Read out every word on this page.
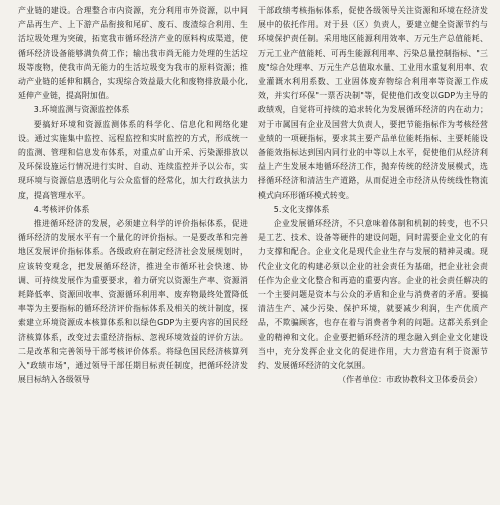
产业链的建设。合理整合市内资源，充分利用市外资源，以中间产品再生产、上下游产品衔接和尾矿、废石、废渣综合利用、生活垃圾处理为突破，拓宽我市循环经济产业的原料构成渠道，使循环经济设备能够满负荷工作；输出我市尚无能力处理的生活垃圾等废物，使我市尚无能力的生活垃圾变为我市的原料资源；推动产业链的延伸和耦合，实现综合效益最大化和废物排放最小化,延伸产业链，提高附加值。

3.环境监测与资源监控体系

要搞好环境和资源监测体系的科学化、信息化和网络化建设。通过实施集中监控、远程监控和实时监控的方式，形成统一的监测、管理和信息发布体系，对重点矿山开采、污染源排放以及环保设施运行情况进行实时、自动、连续监控并予以公布，实现环境与资源信息透明化与公众监督的经常化，加大行政执法力度，提高管理水平。

4.考核评价体系

推进循环经济的发展，必须建立科学的评价指标体系，促进循环经济的发展水平有一个量化的评价指标。一是要改革和完善地区发展评价指标体系。各级政府在制定经济社会发展规划时，应该转变观念，把发展循环经济，推进全市循环社会快速、协调、可持续发展作为重要要求，着力研究以资源生产率、资源消耗降低率、资源回收率、资源循环利用率、废弃物最终处置降低率等为主要指标的循环经济评价指标体系及相关的统计制度，探索建立环境资源成本核算体系和以绿色GDP为主要内容的国民经济核算体系，改变过去重经济指标、忽视环境效益的评价方法。二是改革和完善领导干部考核评价体系。将绿色国民经济核算列入"政绩市场"，通过领导干部任期目标责任制度，把循环经济发展目标纳入各级领导

干部政绩考核指标体系，促使各级领导关注资源和环境在经济发展中的依托作用。对于县（区）负责人，要建立健全资源节约与环境保护责任制。采用地区能源利用效率、万元生产总值能耗、万元工业产值能耗、可再生能源利用率、污染总量控制指标、"三废"综合处理率、万元生产总值取水量、工业用水重复利用率、农业灌溉水利用系数、工业固体废弃物综合利用率等资源工作成效，并实行环保"一票否决制"等，促使他们改变以GDP为主导的政绩观，自觉将可持续的追求转化为发展循环经济的内在动力；对于市属国有企业及国营大负责人，要把节能指标作为考核经营业绩的一项硬指标，要求其主要产品单位能耗指标、主要耗能设备能效指标达到国内同行业的中等以上水平，促使他们从经济利益上产生发展本地循环经济工作，抛弃传统的经济发展模式，选择循环经济和清洁生产道路，从而促进全市经济从传统线性物流模式向环形循环模式转变。

5.文化支撑体系

企业发展循环经济，不只意味着体制和机制的转变，也不只是工艺、技术、设备等硬件的建设问题，同时需要企业文化的有力支撑和配合。企业文化是现代企业生存与发展的精神灵魂。现代企业文化的构建必须以企业的社会责任为基础，把企业社会责任作为企业文化整合和再造的重要内容。企业的社会责任解决的一个主要问题是资本与公众的矛盾和企业与消费者的矛盾。要搞清洁生产、减少污染、保护环境，就要减少利润，生产优质产品，不欺骗顾客，也存在着与消费者争利的问题。这都关系到企业的精神和文化。企业要把循环经济的理念融入到企业文化建设当中，充分发挥企业文化的促进作用，大力营造有利于资源节约、发展循环经济的文化氛围。

（作者单位：市政协教科文卫体委员会）
